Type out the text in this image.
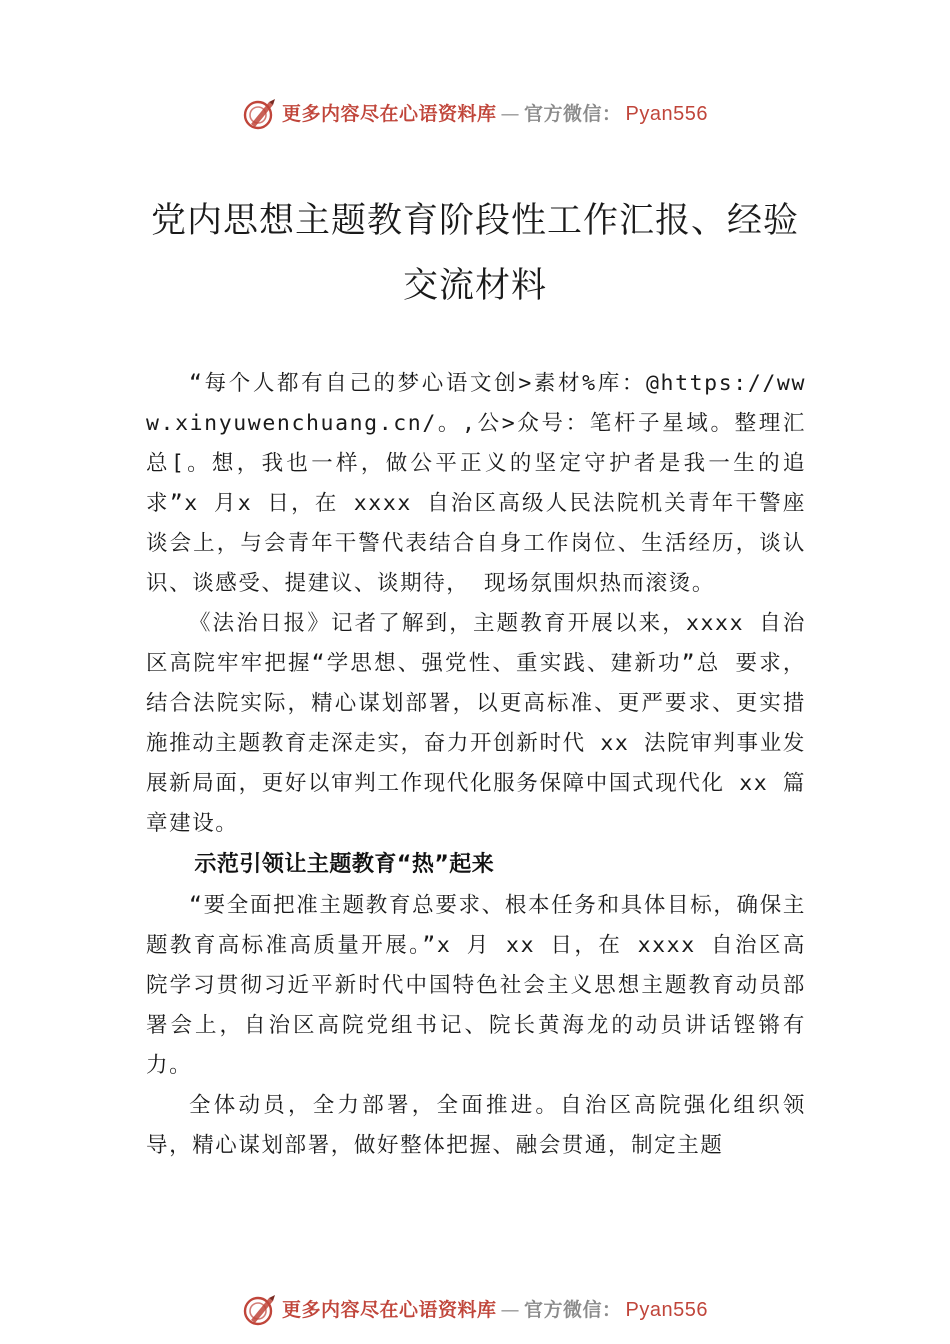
更多内容尽在心语资料库 — 官方微信： Pyan556
党内思想主题教育阶段性工作汇报、经验
交流材料

“每个人都有自己的梦心语文创>素材%库：@https://www.xinyuwenchuang.cn/。,公>众号：笔杆子星域。整理汇总[。想，我也一样，做公平正义的坚定守护者是我一生的追求”x 月x 日，在 xxxx 自治区高级人民法院机关青年干警座谈会上，与会青年干警代表结合自身工作岗位、生活经历，谈认识、谈感受、提建议、谈期待， 现场氛围炽热而滚烫。

《法治日报》记者了解到，主题教育开展以来，xxxx 自治区高院牢牢把握“学思想、强党性、重实践、建新功”总 要求，结合法院实际，精心谋划部署，以更高标准、更严要求、更实措施推动主题教育走深走实，奋力开创新时代 xx 法院审判事业发展新局面，更好以审判工作现代化服务保障中国式现代化 xx 篇章建设。

示范引领让主题教育“热”起来

“要全面把准主题教育总要求、根本任务和具体目标，确保主题教育高标准高质量开展。”x 月 xx 日，在 xxxx 自治区高院学习贯彻习近平新时代中国特色社会主义思想主题教育动员部署会上，自治区高院党组书记、院长黄海龙的动员讲话铿锵有力。

全体动员，全力部署，全面推进。自治区高院强化组织领导，精心谋划部署，做好整体把握、融会贯通，制定主题

更多内容尽在心语资料库 — 官方微信： Pyan556
